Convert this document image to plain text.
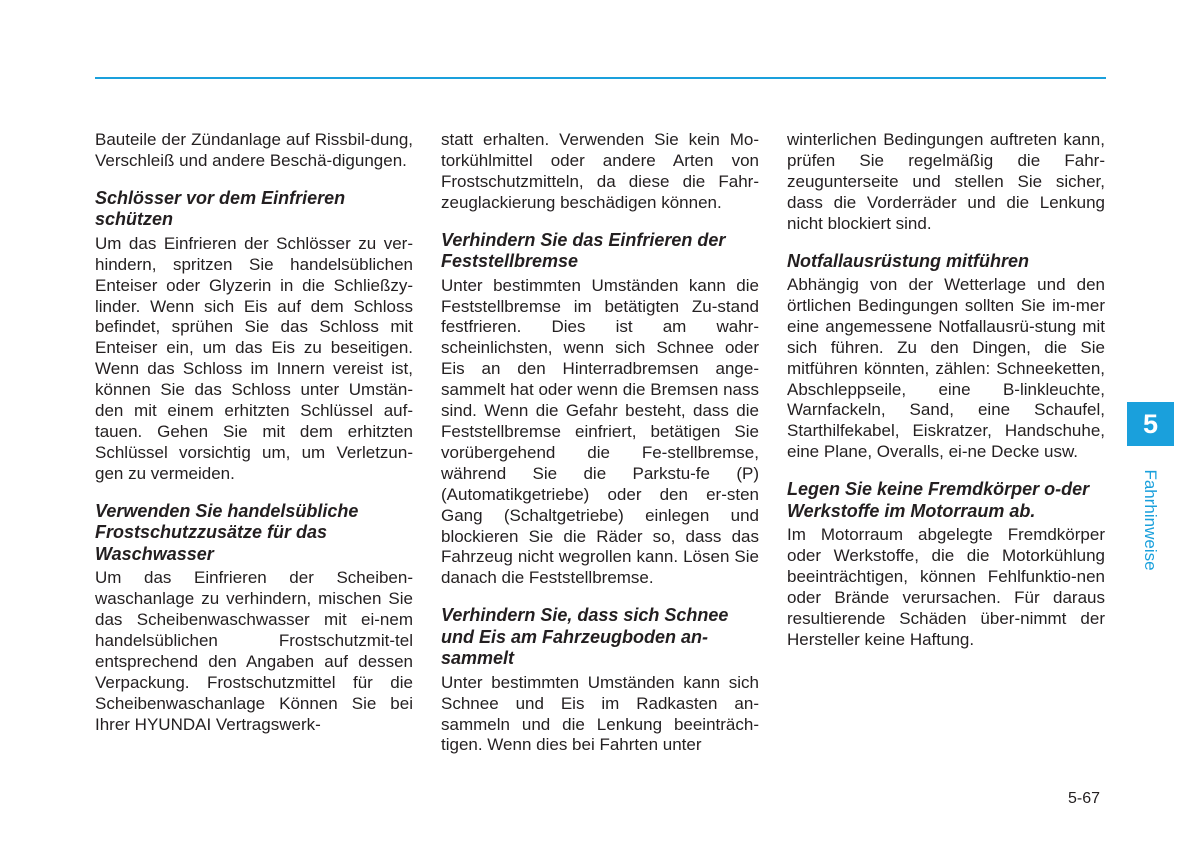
Bauteile der Zündanlage auf Rissbil-dung, Verschleiß und andere Beschä-digungen.

Schlösser vor dem Einfrieren schützen

Um das Einfrieren der Schlösser zu ver-hindern, spritzen Sie handelsüblichen Enteiser oder Glyzerin in die Schließzy-linder. Wenn sich Eis auf dem Schloss befindet, sprühen Sie das Schloss mit Enteiser ein, um das Eis zu beseitigen. Wenn das Schloss im Innern vereist ist, können Sie das Schloss unter Umstän-den mit einem erhitzten Schlüssel auf-tauen. Gehen Sie mit dem erhitzten Schlüssel vorsichtig um, um Verletzun-gen zu vermeiden.

Verwenden Sie handelsübliche Frostschutzzusätze für das Waschwasser

Um das Einfrieren der Scheiben-waschanlage zu verhindern, mischen Sie das Scheibenwaschwasser mit ei-nem handelsüblichen Frostschutzmit-tel entsprechend den Angaben auf dessen Verpackung. Frostschutzmittel für die Scheibenwaschanlage Können Sie bei Ihrer HYUNDAI Vertragswerk-

statt erhalten. Verwenden Sie kein Mo-torkühlmittel oder andere Arten von Frostschutzmitteln, da diese die Fahr-zeuglackierung beschädigen können.

Verhindern Sie das Einfrieren der Feststellbremse

Unter bestimmten Umständen kann die Feststellbremse im betätigten Zu-stand festfrieren. Dies ist am wahr-scheinlichsten, wenn sich Schnee oder Eis an den Hinterradbremsen ange-sammelt hat oder wenn die Bremsen nass sind. Wenn die Gefahr besteht, dass die Feststellbremse einfriert, betätigen Sie vorübergehend die Fe-stellbremse, während Sie die Parkstu-fe (P) (Automatikgetriebe) oder den er-sten Gang (Schaltgetriebe) einlegen und blockieren Sie die Räder so, dass das Fahrzeug nicht wegrollen kann. Lösen Sie danach die Feststellbremse.

Verhindern Sie, dass sich Schnee und Eis am Fahrzeugboden an-sammelt

Unter bestimmten Umständen kann sich Schnee und Eis im Radkasten an-sammeln und die Lenkung beeinträch-tigen. Wenn dies bei Fahrten unter

winterlichen Bedingungen auftreten kann, prüfen Sie regelmäßig die Fahr-zeugunterseite und stellen Sie sicher, dass die Vorderräder und die Lenkung nicht blockiert sind.

Notfallausrüstung mitführen

Abhängig von der Wetterlage und den örtlichen Bedingungen sollten Sie im-mer eine angemessene Notfallausrü-stung mit sich führen. Zu den Dingen, die Sie mitführen könnten, zählen: Schneeketten, Abschleppseile, eine B-linkleuchte, Warnfackeln, Sand, eine Schaufel, Starthilfekabel, Eiskratzer, Handschuhe, eine Plane, Overalls, ei-ne Decke usw.

Legen Sie keine Fremdkörper o-der Werkstoffe im Motorraum ab.

Im Motorraum abgelegte Fremdkörper oder Werkstoffe, die die Motorkühlung beeinträchtigen, können Fehlfunktio-nen oder Brände verursachen. Für daraus resultierende Schäden über-nimmt der Hersteller keine Haftung.

5
Fahrhinweise
5-67
